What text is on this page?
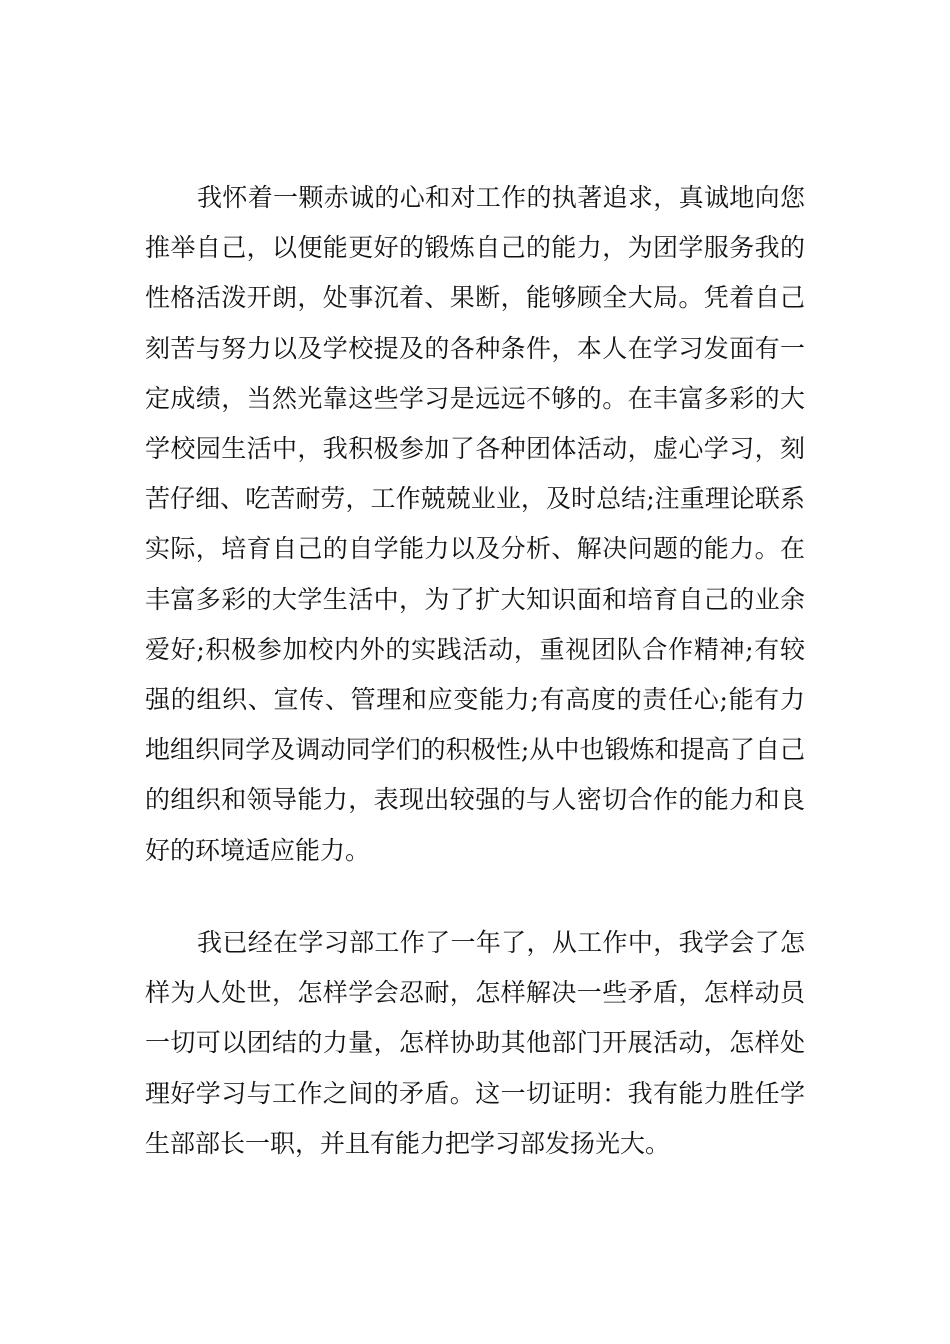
我怀着一颗赤诚的心和对工作的执著追求，真诚地向您推举自己，以便能更好的锻炼自己的能力，为团学服务我的性格活泼开朗，处事沉着、果断，能够顾全大局。凭着自己刻苦与努力以及学校提及的各种条件，本人在学习发面有一定成绩，当然光靠这些学习是远远不够的。在丰富多彩的大学校园生活中，我积极参加了各种团体活动，虚心学习，刻苦仔细、吃苦耐劳，工作兢兢业业，及时总结;注重理论联系实际，培育自己的自学能力以及分析、解决问题的能力。在丰富多彩的大学生活中，为了扩大知识面和培育自己的业余爱好;积极参加校内外的实践活动，重视团队合作精神;有较强的组织、宣传、管理和应变能力;有高度的责任心;能有力地组织同学及调动同学们的积极性;从中也锻炼和提高了自己的组织和领导能力，表现出较强的与人密切合作的能力和良好的环境适应能力。

我已经在学习部工作了一年了，从工作中，我学会了怎样为人处世，怎样学会忍耐，怎样解决一些矛盾，怎样动员一切可以团结的力量，怎样协助其他部门开展活动，怎样处理好学习与工作之间的矛盾。这一切证明：我有能力胜任学生部部长一职，并且有能力把学习部发扬光大。
